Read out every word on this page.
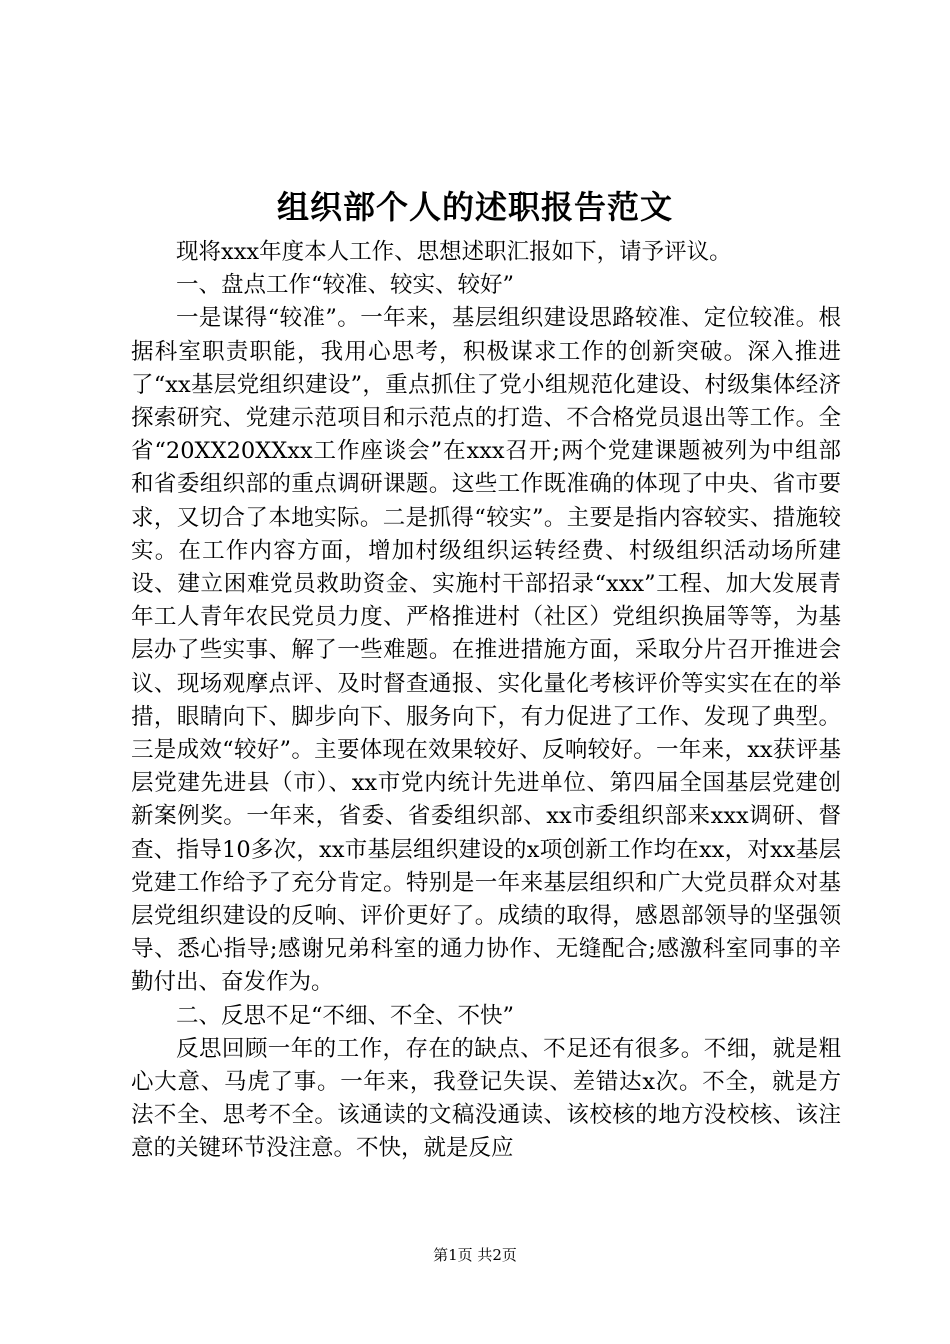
组织部个人的述职报告范文

现将xxx年度本人工作、思想述职汇报如下，请予评议。

一、盘点工作“较准、较实、较好”

一是谋得“较准”。一年来，基层组织建设思路较准、定位较准。根据科室职责职能，我用心思考，积极谋求工作的创新突破。深入推进了“xx基层党组织建设”，重点抓住了党小组规范化建设、村级集体经济探索研究、党建示范项目和示范点的打造、不合格党员退出等工作。全省“20XX20XXxx工作座谈会”在xxx召开;两个党建课题被列为中组部和省委组织部的重点调研课题。这些工作既准确的体现了中央、省市要求，又切合了本地实际。二是抓得“较实”。主要是指内容较实、措施较实。在工作内容方面，增加村级组织运转经费、村级组织活动场所建设、建立困难党员救助资金、实施村干部招录“xxx”工程、加大发展青年工人青年农民党员力度、严格推进村（社区）党组织换届等等，为基层办了些实事、解了一些难题。在推进措施方面，采取分片召开推进会议、现场观摩点评、及时督查通报、实化量化考核评价等实实在在的举措，眼睛向下、脚步向下、服务向下，有力促进了工作、发现了典型。三是成效“较好”。主要体现在效果较好、反响较好。一年来，xx获评基层党建先进县（市）、xx市党内统计先进单位、第四届全国基层党建创新案例奖。一年来，省委、省委组织部、xx市委组织部来xxx调研、督查、指导10多次，xx市基层组织建设的x项创新工作均在xx，对xx基层党建工作给予了充分肯定。特别是一年来基层组织和广大党员群众对基层党组织建设的反响、评价更好了。成绩的取得，感恩部领导的坚强领导、悉心指导;感谢兄弟科室的通力协作、无缝配合;感激科室同事的辛勤付出、奋发作为。

二、反思不足“不细、不全、不快”

反思回顾一年的工作，存在的缺点、不足还有很多。不细，就是粗心大意、马虎了事。一年来，我登记失误、差错达x次。不全，就是方法不全、思考不全。该通读的文稿没通读、该校核的地方没校核、该注意的关键环节没注意。不快，就是反应

第1页 共2页
